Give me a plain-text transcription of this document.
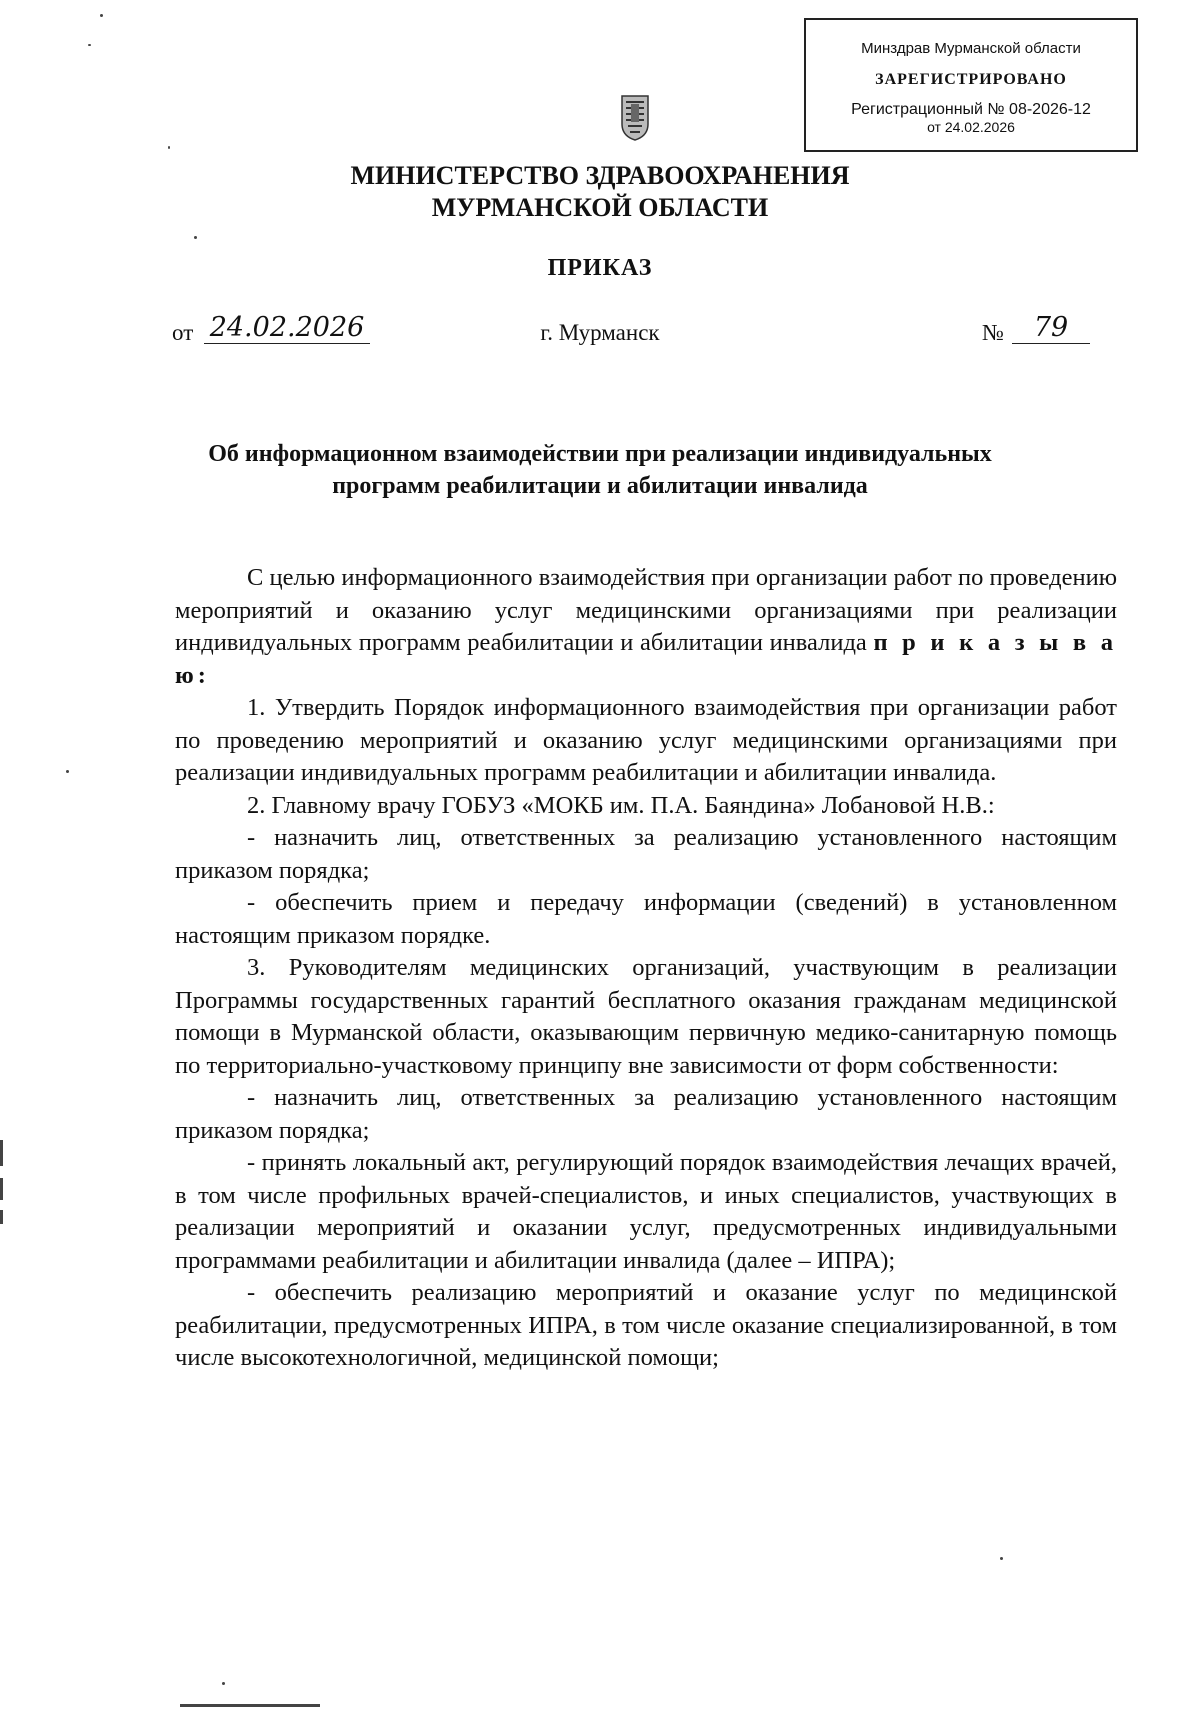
Минздрав Мурманской области
ЗАРЕГИСТРИРОВАНО
Регистрационный № 08-2026-12
от 24.02.2026
МИНИСТЕРСТВО ЗДРАВООХРАНЕНИЯ
МУРМАНСКОЙ ОБЛАСТИ
ПРИКАЗ
от 24.02.2026	г. Мурманск	№	79
Об информационном взаимодействии при реализации индивидуальных
программ реабилитации и абилитации инвалида

С целью информационного взаимодействия при организации работ по проведению мероприятий и оказанию услуг медицинскими организациями при реализации индивидуальных программ реабилитации и абилитации инвалида п р и к а з ы в а ю:

1. Утвердить Порядок информационного взаимодействия при организации работ по проведению мероприятий и оказанию услуг медицинскими организациями при реализации индивидуальных программ реабилитации и абилитации инвалида.

2. Главному врачу ГОБУЗ «МОКБ им. П.А. Баяндина» Лобановой Н.В.:

- назначить лиц, ответственных за реализацию установленного настоящим приказом порядка;

- обеспечить прием и передачу информации (сведений) в установленном настоящим приказом порядке.

3. Руководителям медицинских организаций, участвующим в реализации Программы государственных гарантий бесплатного оказания гражданам медицинской помощи в Мурманской области, оказывающим первичную медико-санитарную помощь по территориально-участковому принципу вне зависимости от форм собственности:

- назначить лиц, ответственных за реализацию установленного настоящим приказом порядка;

- принять локальный акт, регулирующий порядок взаимодействия лечащих врачей, в том числе профильных врачей-специалистов, и иных специалистов, участвующих в реализации мероприятий и оказании услуг, предусмотренных индивидуальными программами реабилитации и абилитации инвалида (далее – ИПРА);

- обеспечить реализацию мероприятий и оказание услуг по медицинской реабилитации, предусмотренных ИПРА, в том числе оказание специализированной, в том числе высокотехнологичной, медицинской помощи;
